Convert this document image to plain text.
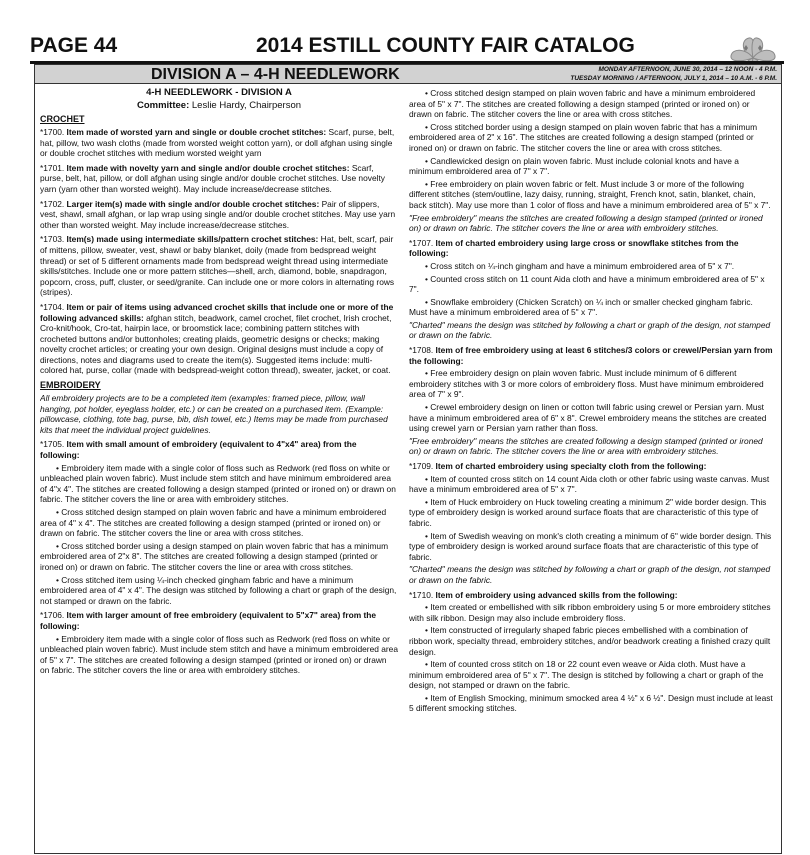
PAGE 44	2014 ESTILL COUNTY FAIR CATALOG
DIVISION A – 4-H NEEDLEWORK	MONDAY AFTERNOON, JUNE 30, 2014 – 12 NOON - 4 P.M.
TUESDAY MORNING / AFTERNOON, JULY 1, 2014 – 10 A.M. - 6 P.M.

4-H NEEDLEWORK - DIVISION A

Committee: Leslie Hardy, Chairperson

CROCHET

*1700. Item made of worsted yarn and single or double crochet stitches: Scarf, purse, belt, hat, pillow, two wash cloths (made from worsted weight cotton yarn), or doll afghan using single or double crochet stitches with medium worsted weight yarn

*1701. Item made with novelty yarn and single and/or double crochet stitches: Scarf, purse, belt, hat, pillow, or doll afghan using single and/or double crochet stitches. Use novelty yarn (yarn other than worsted weight). May include increase/decrease stitches.

*1702. Larger item(s) made with single and/or double crochet stitches: Pair of slippers, vest, shawl, small afghan, or lap wrap using single and/or double crochet stitches. May use yarn other than worsted weight. May include increase/decrease stitches.

*1703. Item(s) made using intermediate skills/pattern crochet stitches: Hat, belt, scarf, pair of mittens, pillow, sweater, vest, shawl or baby blanket, doily (made from bedspread weight thread) or set of 5 different ornaments made from bedspread weight thread using intermediate skills/stitches. Include one or more pattern stitches—shell, arch, diamond, boble, snapdragon, popcorn, cross, puff, cluster, or seed/granite. Can include one or more colors in alternating rows (stripes).

*1704. Item or pair of items using advanced crochet skills that include one or more of the following advanced skills: afghan stitch, beadwork, camel crochet, filet crochet, Irish crochet, Cro-knit/hook, Cro-tat, hairpin lace, or broomstick lace; combining pattern stitches with crocheted buttons and/or buttonholes; creating plaids, geometric designs or checks; making novelty crochet articles; or creating your own design. Original designs must include a copy of directions, notes and diagrams used to create the item(s). Suggested items include: multi-colored hat, purse, collar (made with bedspread-weight cotton thread), sweater, jacket, or coat.

EMBROIDERY

All embroidery projects are to be a completed item (examples: framed piece, pillow, wall hanging, pot holder, eyeglass holder, etc.) or can be created on a purchased item. (Example: pillowcase, clothing, tote bag, purse, bib, dish towel, etc.) Items may be made from purchased kits that meet the individual project guidelines.

*1705. Item with small amount of embroidery (equivalent to 4"x4" area) from the following:

• Embroidery item made with a single color of floss such as Redwork (red floss on white or unbleached plain woven fabric). Must include stem stitch and have minimum embroidered area of 4"x 4". The stitches are created following a design stamped (printed or ironed on) or drawn on fabric. The stitcher covers the line or area with embroidery stitches.

• Cross stitched design stamped on plain woven fabric and have a minimum embroidered area of 4" x 4". The stitches are created following a design stamped (printed or ironed on) or drawn on fabric. The stitcher covers the line or area with cross stitches.

• Cross stitched border using a design stamped on plain woven fabric that has a minimum embroidered area of 2"x 8". The stitches are created following a design stamped (printed or ironed on) or drawn on fabric. The stitcher covers the line or area with cross stitches.

• Cross stitched item using ¼-inch checked gingham fabric and have a minimum embroidered area of 4" x 4". The design was stitched by following a chart or graph of the design, not stamped or drawn on the fabric.

*1706. Item with larger amount of free embroidery (equivalent to 5"x7" area) from the following:

• Embroidery item made with a single color of floss such as Redwork (red floss on white or unbleached plain woven fabric). Must include stem stitch and have a minimum embroidered area of 5" x 7". The stitches are created following a design stamped (printed or ironed on) or drawn on fabric. The stitcher covers the line or area with embroidery stitches.

• Cross stitched design stamped on plain woven fabric and have a minimum embroidered area of 5" x 7". The stitches are created following a design stamped (printed or ironed on) or drawn on fabric. The stitcher covers the line or area with cross stitches.

• Cross stitched border using a design stamped on plain woven fabric that has a minimum embroidered area of 2" x 16". The stitches are created following a design stamped (printed or ironed on) or drawn on fabric. The stitcher covers the line or area with cross stitches.

• Candlewicked design on plain woven fabric. Must include colonial knots and have a minimum embroidered area of 7" x 7".

• Free embroidery on plain woven fabric or felt. Must include 3 or more of the following different stitches (stem/outline, lazy daisy, running, straight, French knot, satin, blanket, chain, back stitch). May use more than 1 color of floss and have a minimum embroidered area of 5" x 7".

"Free embroidery" means the stitches are created following a design stamped (printed or ironed on) or drawn on fabric. The stitcher covers the line or area with embroidery stitches.

*1707. Item of charted embroidery using large cross or snowflake stitches from the following:

• Cross stitch on ¼-inch gingham and have a minimum embroidered area of 5" x 7".

• Counted cross stitch on 11 count Aida cloth and have a minimum embroidered area of 5" x 7".

• Snowflake embroidery (Chicken Scratch) on ¼ inch or smaller checked gingham fabric. Must have a minimum embroidered area of 5" x 7".

"Charted" means the design was stitched by following a chart or graph of the design, not stamped or drawn on the fabric.

*1708. Item of free embroidery using at least 6 stitches/3 colors or crewel/Persian yarn from the following:

• Free embroidery design on plain woven fabric. Must include minimum of 6 different embroidery stitches with 3 or more colors of embroidery floss. Must have minimum embroidered area of 7" x 9".

• Crewel embroidery design on linen or cotton twill fabric using crewel or Persian yarn. Must have a minimum embroidered area of 6" x 8". Crewel embroidery means the stitches are created using crewel yarn or Persian yarn rather than floss.

"Free embroidery" means the stitches are created following a design stamped (printed or ironed on) or drawn on fabric. The stitcher covers the line or area with embroidery stitches.

*1709. Item of charted embroidery using specialty cloth from the following:

• Item of counted cross stitch on 14 count Aida cloth or other fabric using waste canvas. Must have a minimum embroidered area of 5" x 7".

• Item of Huck embroidery on Huck toweling creating a minimum 2" wide border design. This type of embroidery design is worked around surface floats that are characteristic of this type of fabric.

• Item of Swedish weaving on monk's cloth creating a minimum of 6" wide border design. This type of embroidery design is worked around surface floats that are characteristic of this type of fabric.

"Charted" means the design was stitched by following a chart or graph of the design, not stamped or drawn on the fabric.

*1710. Item of embroidery using advanced skills from the following:

• Item created or embellished with silk ribbon embroidery using 5 or more embroidery stitches with silk ribbon. Design may also include embroidery floss.

• Item constructed of irregularly shaped fabric pieces embellished with a combination of ribbon work, specialty thread, embroidery stitches, and/or beadwork creating a finished crazy quilt design.

• Item of counted cross stitch on 18 or 22 count even weave or Aida cloth. Must have a minimum embroidered area of 5" x 7". The design is stitched by following a chart or graph of the design, not stamped or drawn on the fabric.

• Item of English Smocking, minimum smocked area 4 ½" x 6 ½". Design must include at least 5 different smocking stitches.
